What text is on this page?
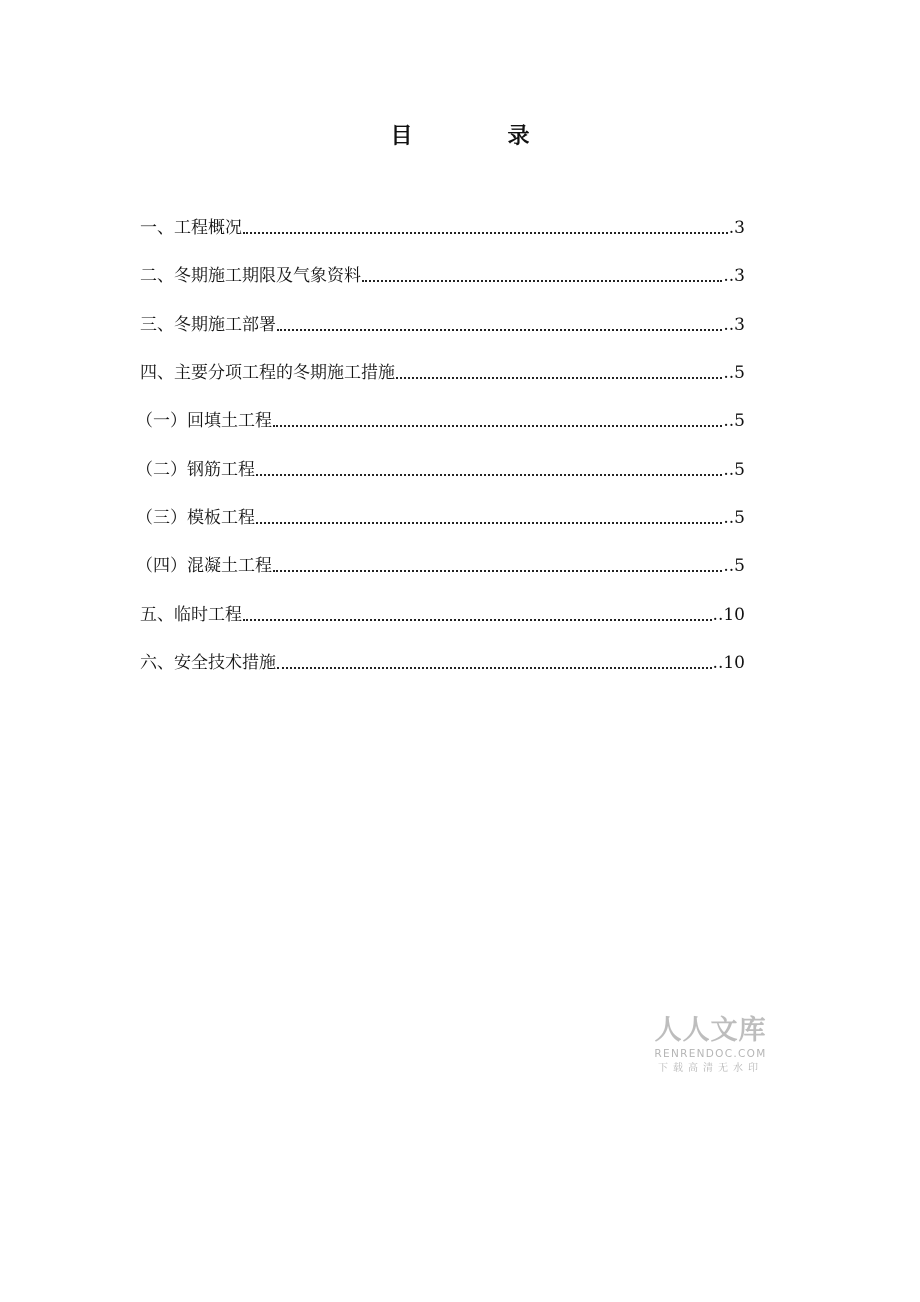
目	录
一、工程概况	.3
二、冬期施工期限及气象资料	..3
三、冬期施工部署	..3
四、主要分项工程的冬期施工措施	..5
（一）回填土工程	..5
（二）钢筋工程	..5
（三）模板工程	..5
（四）混凝土工程	..5
五、临时工程	..10
六、安全技术措施	..10
人人文库
RENRENDOC.COM
下载高清无水印
